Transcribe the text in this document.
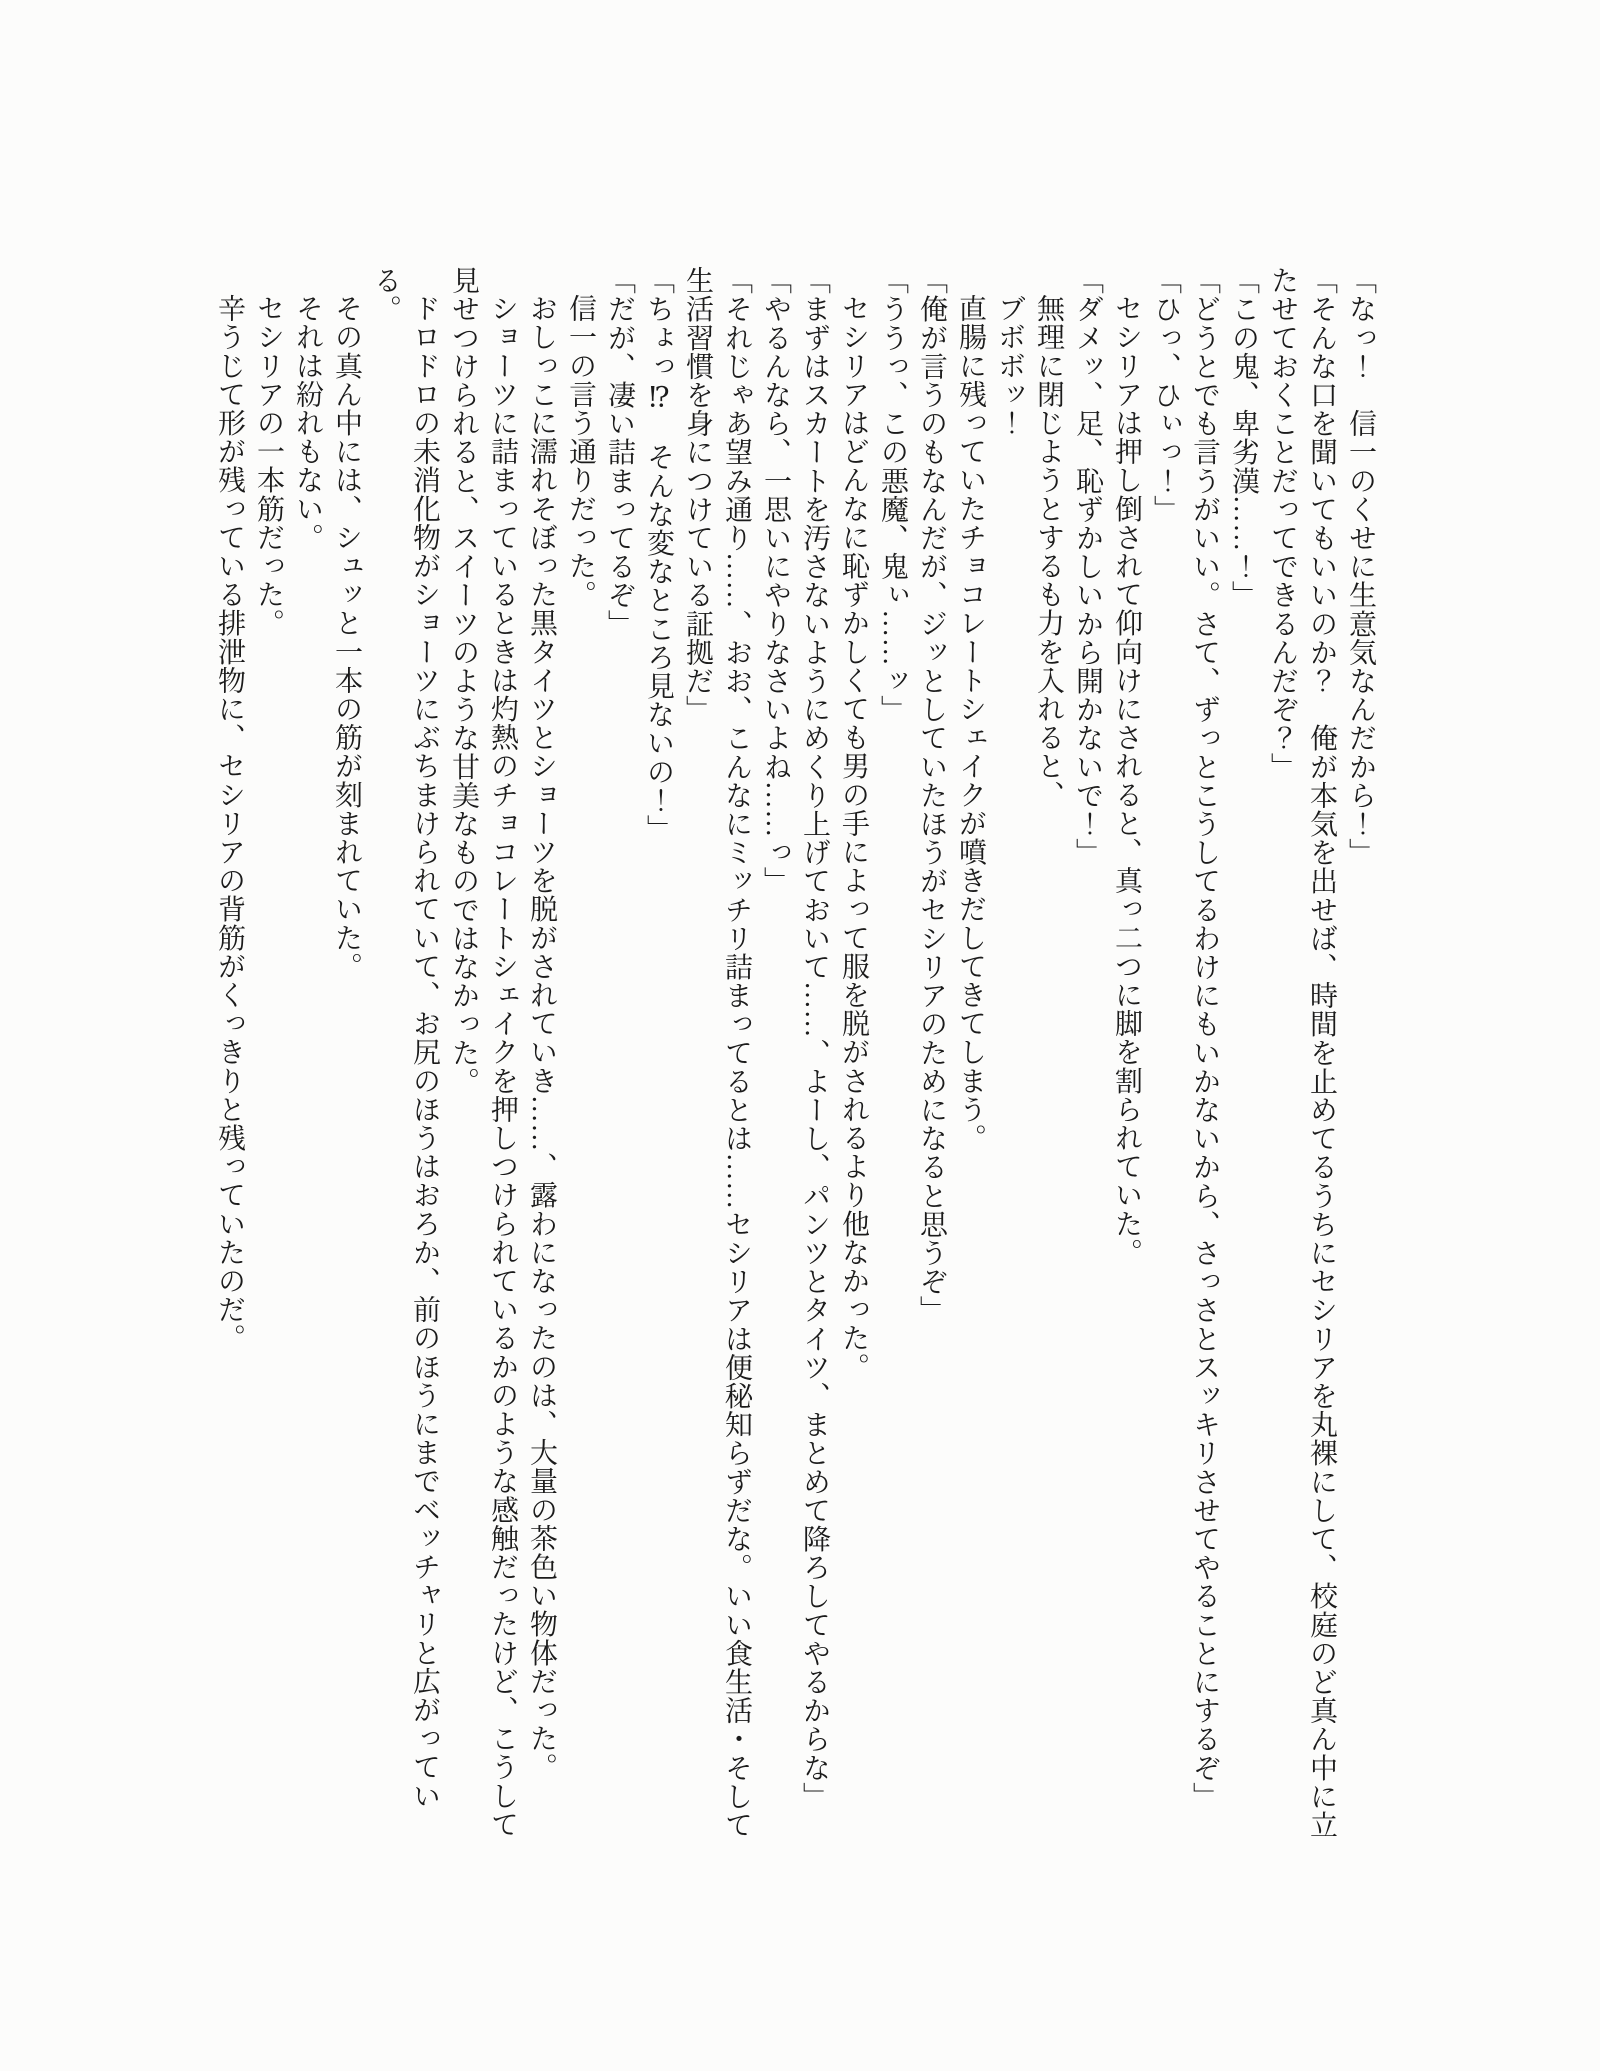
「なっ！　信一のくせに生意気なんだから！」

「そんな口を聞いてもいいのか？　俺が本気を出せば、時間を止めてるうちにセシリアを丸裸にして、校庭のど真ん中に立たせておくことだってできるんだぞ？」

「この鬼、卑劣漢……！」

「どうとでも言うがいい。さて、ずっとこうしてるわけにもいかないから、さっさとスッキリさせてやることにするぞ」

「ひっ、ひぃっ！」

セシリアは押し倒されて仰向けにされると、真っ二つに脚を割られていた。

「ダメッ、足、恥ずかしいから開かないで！」

無理に閉じようとするも力を入れると、

ブボボッ！

直腸に残っていたチョコレートシェイクが噴きだしてきてしまう。

「俺が言うのもなんだが、ジッとしていたほうがセシリアのためになると思うぞ」

「ううっ、この悪魔、鬼ぃ……ッ」

セシリアはどんなに恥ずかしくても男の手によって服を脱がされるより他なかった。

「まずはスカートを汚さないようにめくり上げておいて……、よーし、パンツとタイツ、まとめて降ろしてやるからな」

「やるんなら、一思いにやりなさいよね……っ」

「それじゃあ望み通り……、おお、こんなにミッチリ詰まってるとは……セシリアは便秘知らずだな。いい食生活・そして生活習慣を身につけている証拠だ」

「ちょっ⁉　そんな変なところ見ないの！」

「だが、凄い詰まってるぞ」

信一の言う通りだった。

おしっこに濡れそぼった黒タイツとショーツを脱がされていき……、露わになったのは、大量の茶色い物体だった。

ショーツに詰まっているときは灼熱のチョコレートシェイクを押しつけられているかのような感触だったけど、こうして見せつけられると、スイーツのような甘美なものではなかった。

ドロドロの未消化物がショーツにぶちまけられていて、お尻のほうはおろか、前のほうにまでベッチャリと広がっている。

その真ん中には、シュッと一本の筋が刻まれていた。

それは紛れもない。

セシリアの一本筋だった。

辛うじて形が残っている排泄物に、セシリアの背筋がくっきりと残っていたのだ。
